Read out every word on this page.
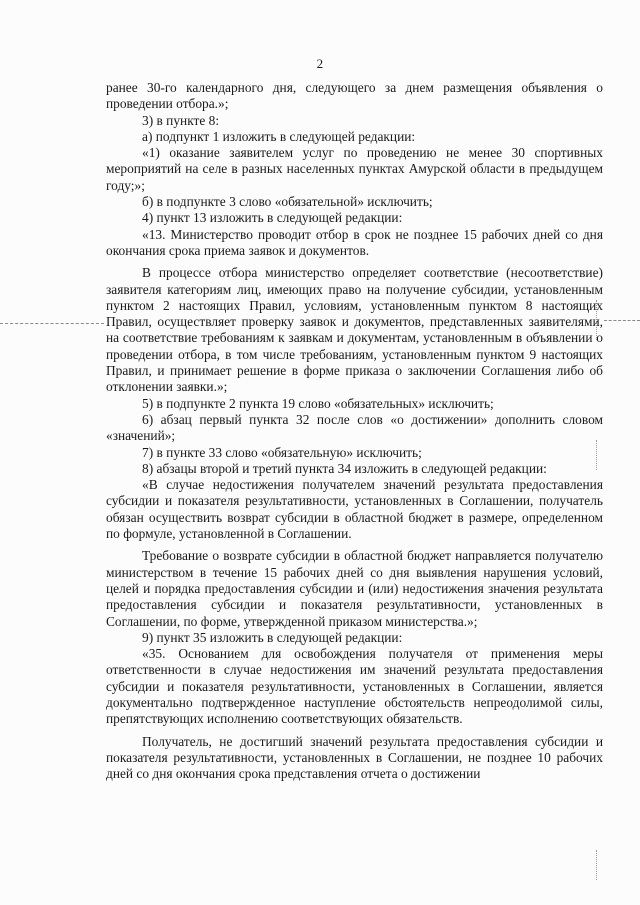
2

ранее 30-го календарного дня, следующего за днем размещения объявления о проведении отбора.»;

3) в пункте 8:

а) подпункт 1 изложить в следующей редакции:

«1) оказание заявителем услуг по проведению не менее 30 спортивных мероприятий на селе в разных населенных пунктах Амурской области в предыдущем году;»;

б) в подпункте 3 слово «обязательной» исключить;

4) пункт 13 изложить в следующей редакции:

«13. Министерство проводит отбор в срок не позднее 15 рабочих дней со дня окончания срока приема заявок и документов.

В процессе отбора министерство определяет соответствие (несоответствие) заявителя категориям лиц, имеющих право на получение субсидии, установленным пунктом 2 настоящих Правил, условиям, установленным пунктом 8 настоящих Правил, осуществляет проверку заявок и документов, представленных заявителями, на соответствие требованиям к заявкам и документам, установленным в объявлении о проведении отбора, в том числе требованиям, установленным пунктом 9 настоящих Правил, и принимает решение в форме приказа о заключении Соглашения либо об отклонении заявки.»;

5) в подпункте 2 пункта 19 слово «обязательных» исключить;

6) абзац первый пункта 32 после слов «о достижении» дополнить словом «значений»;

7) в пункте 33 слово «обязательную» исключить;

8) абзацы второй и третий пункта 34 изложить в следующей редакции:

«В случае недостижения получателем значений результата предоставления субсидии и показателя результативности, установленных в Соглашении, получатель обязан осуществить возврат субсидии в областной бюджет в размере, определенном по формуле, установленной в Соглашении.

Требование о возврате субсидии в областной бюджет направляется получателю министерством в течение 15 рабочих дней со дня выявления нарушения условий, целей и порядка предоставления субсидии и (или) недостижения значения результата предоставления субсидии и показателя результативности, установленных в Соглашении, по форме, утвержденной приказом министерства.»;

9) пункт 35 изложить в следующей редакции:

«35. Основанием для освобождения получателя от применения меры ответственности в случае недостижения им значений результата предоставления субсидии и показателя результативности, установленных в Соглашении, является документально подтвержденное наступление обстоятельств непреодолимой силы, препятствующих исполнению соответствующих обязательств.

Получатель, не достигший значений результата предоставления субсидии и показателя результативности, установленных в Соглашении, не позднее 10 рабочих дней со дня окончания срока представления отчета о достижении
